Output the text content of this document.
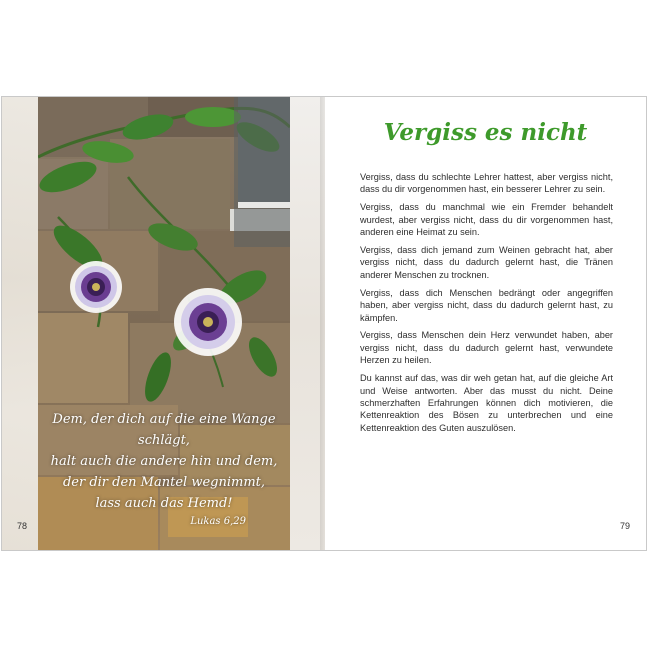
Dem, der dich auf die eine Wange schlägt,
halt auch die andere hin und dem,
der dir den Mantel wegnimmt,
lass auch das Hemd!
Lukas 6,29
78
Vergiss es nicht

Vergiss, dass du schlechte Lehrer hattest, aber vergiss nicht, dass du dir vorgenommen hast, ein besserer Lehrer zu sein.

Vergiss, dass du manchmal wie ein Fremder behandelt wurdest, aber vergiss nicht, dass du dir vorgenommen hast, anderen eine Heimat zu sein.

Vergiss, dass dich jemand zum Weinen gebracht hat, aber vergiss nicht, dass du dadurch gelernt hast, die Tränen anderer Menschen zu trocknen.

Vergiss, dass dich Menschen bedrängt oder angegriffen haben, aber vergiss nicht, dass du dadurch gelernt hast, zu kämpfen.

Vergiss, dass Menschen dein Herz verwundet haben, aber vergiss nicht, dass du dadurch gelernt hast, verwundete Herzen zu heilen.

Du kannst auf das, was dir weh getan hat, auf die gleiche Art und Weise antworten. Aber das musst du nicht. Deine schmerzhaften Erfahrungen können dich motivieren, die Kettenreaktion des Bösen zu unterbrechen und eine Kettenreaktion des Guten auszulösen.

79
